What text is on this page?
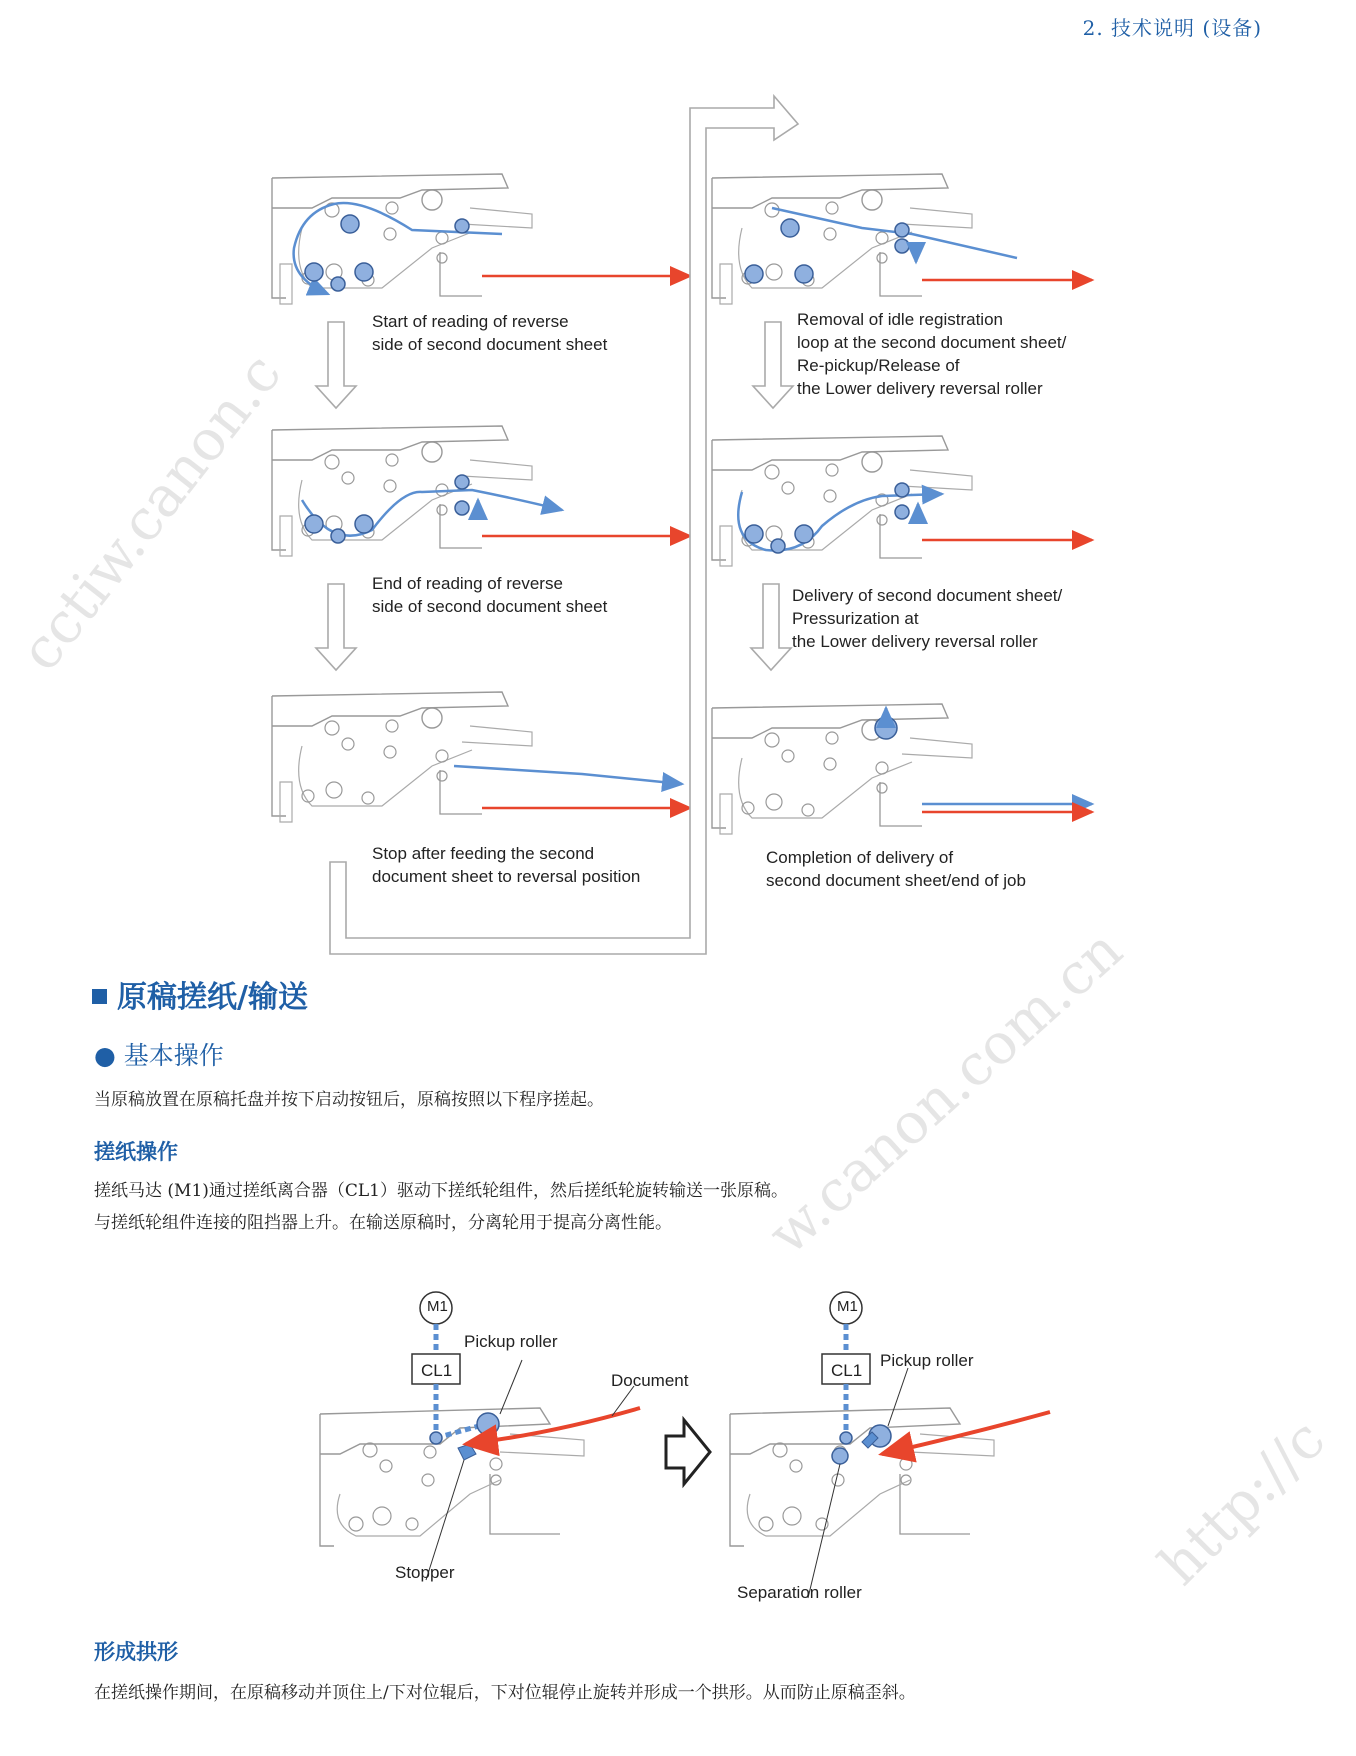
2. 技术说明 (设备)
cctiw.canon.c
w.canon.com.cn
http://c
Start of reading of reverse
side of second document sheet
End of reading of reverse
side of second document sheet
Stop after feeding the second
document sheet to reversal position
Removal of idle registration
loop at the second document sheet/
Re-pickup/Release of
the Lower delivery reversal roller
Delivery of second document sheet/
Pressurization at
the Lower delivery reversal roller
Completion of delivery of
second document sheet/end of job
原稿搓纸/输送
● 基本操作
当原稿放置在原稿托盘并按下启动按钮后，原稿按照以下程序搓起。
搓纸操作
搓纸马达 (M1)通过搓纸离合器（CL1）驱动下搓纸轮组件，然后搓纸轮旋转输送一张原稿。
与搓纸轮组件连接的阻挡器上升。在输送原稿时，分离轮用于提高分离性能。
M1
CL1
Pickup roller
Document
Stopper
M1
CL1
Pickup roller
Separation roller
形成拱形
在搓纸操作期间，在原稿移动并顶住上/下对位辊后，下对位辊停止旋转并形成一个拱形。从而防止原稿歪斜。
